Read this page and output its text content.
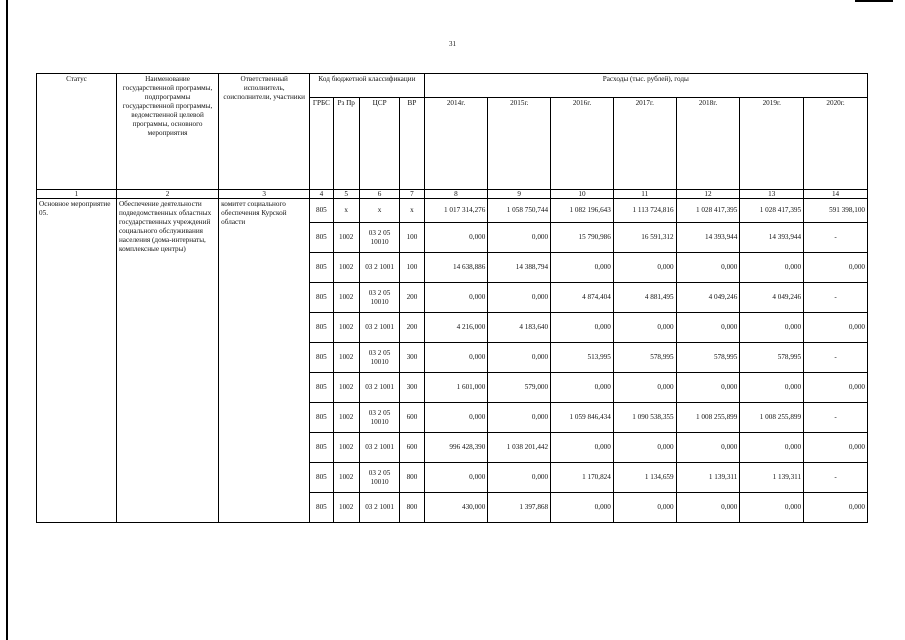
31
Статус	Наименование государственной программы, подпрограммы государственной программы, ведомственной целевой программы, основного мероприятия	Ответственный исполнитель, соисполнители, участники	Код бюджетной классификации				Расходы (тыс. рублей), годы						
			ГРБС	Рз Пр	ЦСР	ВР	2014г.	2015г.	2016г.	2017г.	2018г.	2019г.	2020г.
1	2	3	4	5	6	7	8	9	10	11	12	13	14
Основное мероприятие 05.	Обеспечение деятельности подведомственных областных государственных учреждений социального обслуживания населения (дома-интернаты, комплексные центры)	комитет социального обеспечения Курской области	805	х	х	х	1 017 314,276	1 058 750,744	1 082 196,643	1 113 724,816	1 028 417,395	1 028 417,395	591 398,100
			805	1002	03 2 05 10010	100	0,000	0,000	15 790,986	16 591,312	14 393,944	14 393,944	-
			805	1002	03 2 1001	100	14 638,886	14 388,794	0,000	0,000	0,000	0,000	0,000
			805	1002	03 2 05 10010	200	0,000	0,000	4 874,404	4 881,495	4 049,246	4 049,246	-
			805	1002	03 2 1001	200	4 216,000	4 183,640	0,000	0,000	0,000	0,000	0,000
			805	1002	03 2 05 10010	300	0,000	0,000	513,995	578,995	578,995	578,995	-
			805	1002	03 2 1001	300	1 601,000	579,000	0,000	0,000	0,000	0,000	0,000
			805	1002	03 2 05 10010	600	0,000	0,000	1 059 846,434	1 090 538,355	1 008 255,899	1 008 255,899	-
			805	1002	03 2 1001	600	996 428,390	1 038 201,442	0,000	0,000	0,000	0,000	0,000
			805	1002	03 2 05 10010	800	0,000	0,000	1 170,824	1 134,659	1 139,311	1 139,311	-
			805	1002	03 2 1001	800	430,000	1 397,868	0,000	0,000	0,000	0,000	0,000
